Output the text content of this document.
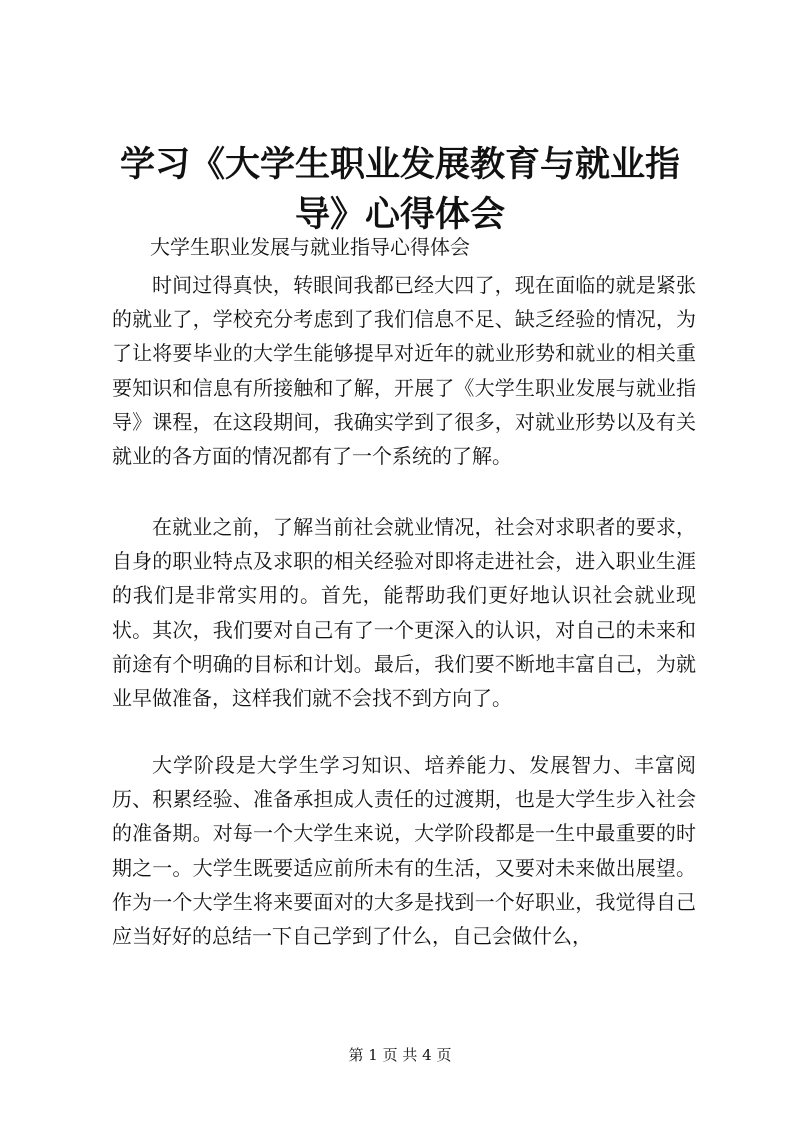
学习《大学生职业发展教育与就业指导》心得体会

大学生职业发展与就业指导心得体会

时间过得真快，转眼间我都已经大四了，现在面临的就是紧张的就业了，学校充分考虑到了我们信息不足、缺乏经验的情况，为了让将要毕业的大学生能够提早对近年的就业形势和就业的相关重要知识和信息有所接触和了解，开展了《大学生职业发展与就业指导》课程，在这段期间，我确实学到了很多，对就业形势以及有关就业的各方面的情况都有了一个系统的了解。

在就业之前，了解当前社会就业情况，社会对求职者的要求，自身的职业特点及求职的相关经验对即将走进社会，进入职业生涯的我们是非常实用的。首先，能帮助我们更好地认识社会就业现状。其次，我们要对自己有了一个更深入的认识，对自己的未来和前途有个明确的目标和计划。最后，我们要不断地丰富自己，为就业早做准备，这样我们就不会找不到方向了。

大学阶段是大学生学习知识、培养能力、发展智力、丰富阅历、积累经验、准备承担成人责任的过渡期，也是大学生步入社会的准备期。对每一个大学生来说，大学阶段都是一生中最重要的时期之一。大学生既要适应前所未有的生活，又要对未来做出展望。作为一个大学生将来要面对的大多是找到一个好职业，我觉得自己应当好好的总结一下自己学到了什么，自己会做什么，

第 1 页 共 4 页
